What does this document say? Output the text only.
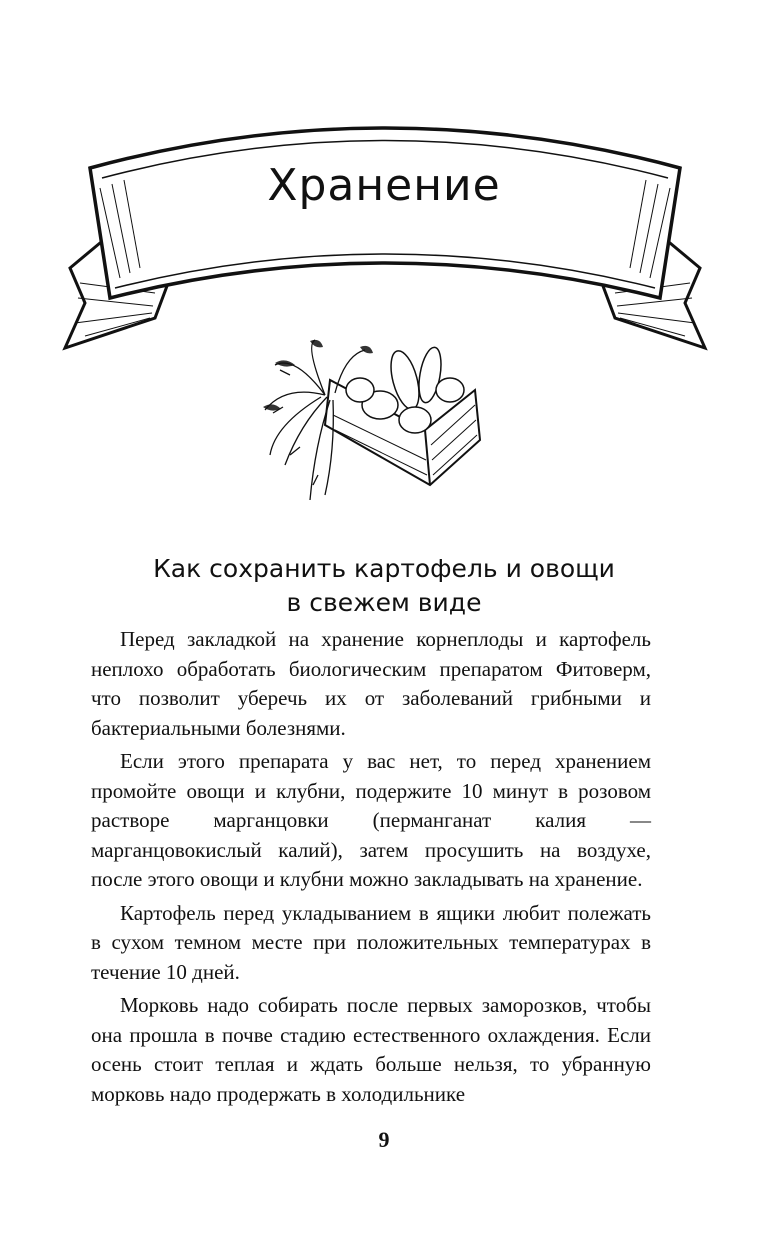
Хранение
Как сохранить картофель и овощи
в свежем виде

Перед закладкой на хранение корнеплоды и картофель неплохо обработать биологическим препаратом Фитоверм, что позволит уберечь их от заболеваний грибными и бактериальными болезнями.

Если этого препарата у вас нет, то перед хранением промойте овощи и клубни, подержите 10 минут в розовом растворе марганцовки (перманганат калия — марганцовокислый калий), затем просушить на воздухе, после этого овощи и клубни можно закладывать на хранение.

Картофель перед укладыванием в ящики любит полежать в сухом темном месте при положительных температурах в течение 10 дней.

Морковь надо собирать после первых заморозков, чтобы она прошла в почве стадию естественного охлаждения. Если осень стоит теплая и ждать больше нельзя, то убранную морковь надо продержать в холодильнике

9
